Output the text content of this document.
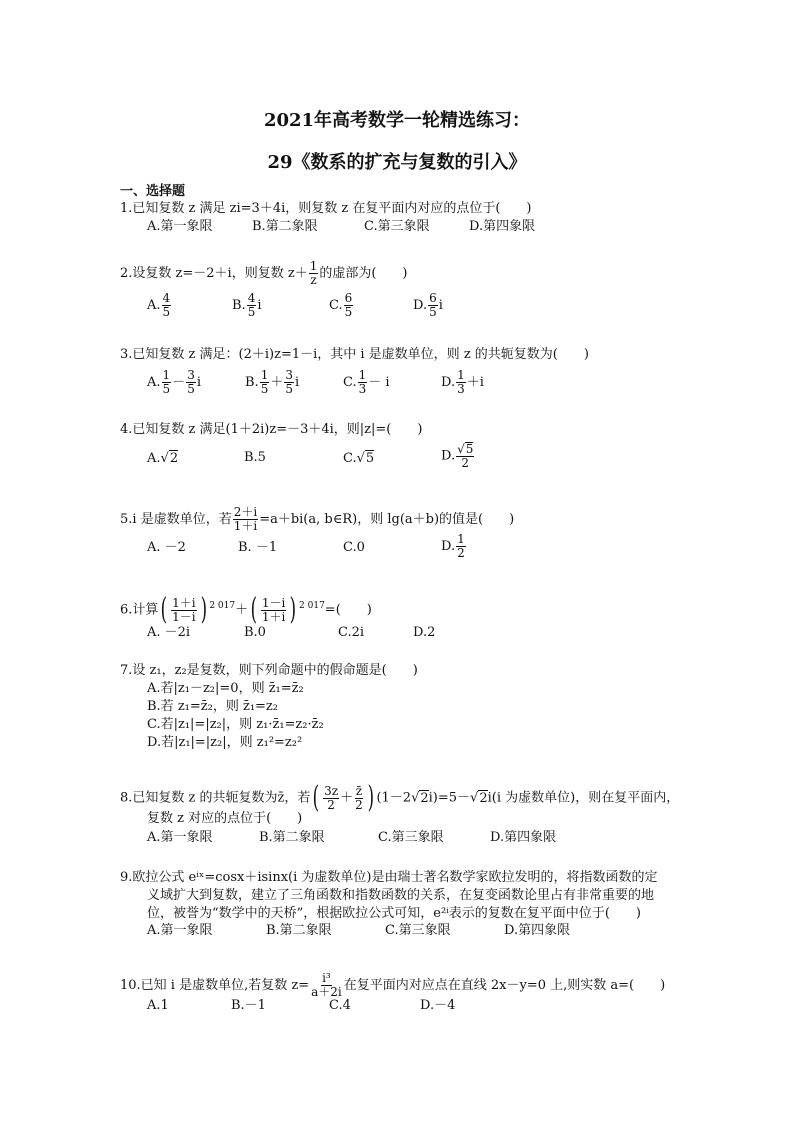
2021年高考数学一轮精选练习：
29《数系的扩充与复数的引入》
一、选择题
1.已知复数 z 满足 zi=3＋4i，则复数 z 在复平面内对应的点位于(　　)
A.第一象限	B.第二象限	C.第三象限	D.第四象限
2.设复数 z=－2＋i，则复数 $z+ \frac{1}{z}$ 的虚部为(　　)
A. $\frac{4}{5}$	B. $\frac{4}{5}$ i	C. $\frac{6}{5}$	D. $\frac{6}{5}$ i
3.已知复数 z 满足：(2＋i)z=1－i，其中 i 是虚数单位，则 z 的共轭复数为(　　)
A. $\frac{1}{5} - \frac{3}{5}$ i	B. $\frac{1}{5} + \frac{3}{5}$ i	C. $\frac{1}{3} - i$	D. $\frac{1}{3} +i$
4.已知复数 z 满足(1＋2i)z=－3＋4i，则|z|=(　　)
A.√2	B.5	C.√5	D. $\frac{√5}{2}$
5.i 是虚数单位，若 $\frac{2+i}{1+i} =a+bi(a$, b∈R)，则 lg(a＋b)的值是(　　)
A. －2	B. －1	C.0	D. $\frac{1}{2}$
6.计算( $\frac{1+i}{1-i}$ ) $^{2 017}+( \frac{1-i}{1+i}$ ) $^{2 017}$=(　　)
A. －2i	B.0	C.2i	D.2
7.设 z₁，z₂是复数，则下列命题中的假命题是(　　)
A.若|z₁－z₂|=0，则 z̄₁=z̄₂
B.若 z₁=z̄₂，则 z̄₁=z₂
C.若|z₁|=|z₂|，则 z₁·z̄₁=z₂·z̄₂
D.若|z₁|=|z₂|，则 z₁²=z₂²
8.已知复数 z 的共轭复数为z̄，若( $\frac{3z}{2} + \frac{z̄}{2}$ ) (1－2√2i)=5－√2i(i 为虚数单位)，则在复平面内，
复数 z 对应的点位于(　　)
A.第一象限	B.第二象限	C.第三象限	D.第四象限
9.欧拉公式 eⁱˣ=cosx＋isinx(i 为虚数单位)是由瑞士著名数学家欧拉发明的，将指数函数的定
义域扩大到复数，建立了三角函数和指数函数的关系，在复变函数论里占有非常重要的地
位，被誉为“数学中的天桥”，根据欧拉公式可知，e²ⁱ表示的复数在复平面中位于(　　)
A.第一象限	B.第二象限	C.第三象限	D.第四象限
10.已知 i 是虚数单位,若复数 $z= \frac{\text{i³}}{a+2i}$ 在复平面内对应点在直线 2x－y=0 上,则实数 a=(　　)
A.1	B.－1	C.4	D.－4
